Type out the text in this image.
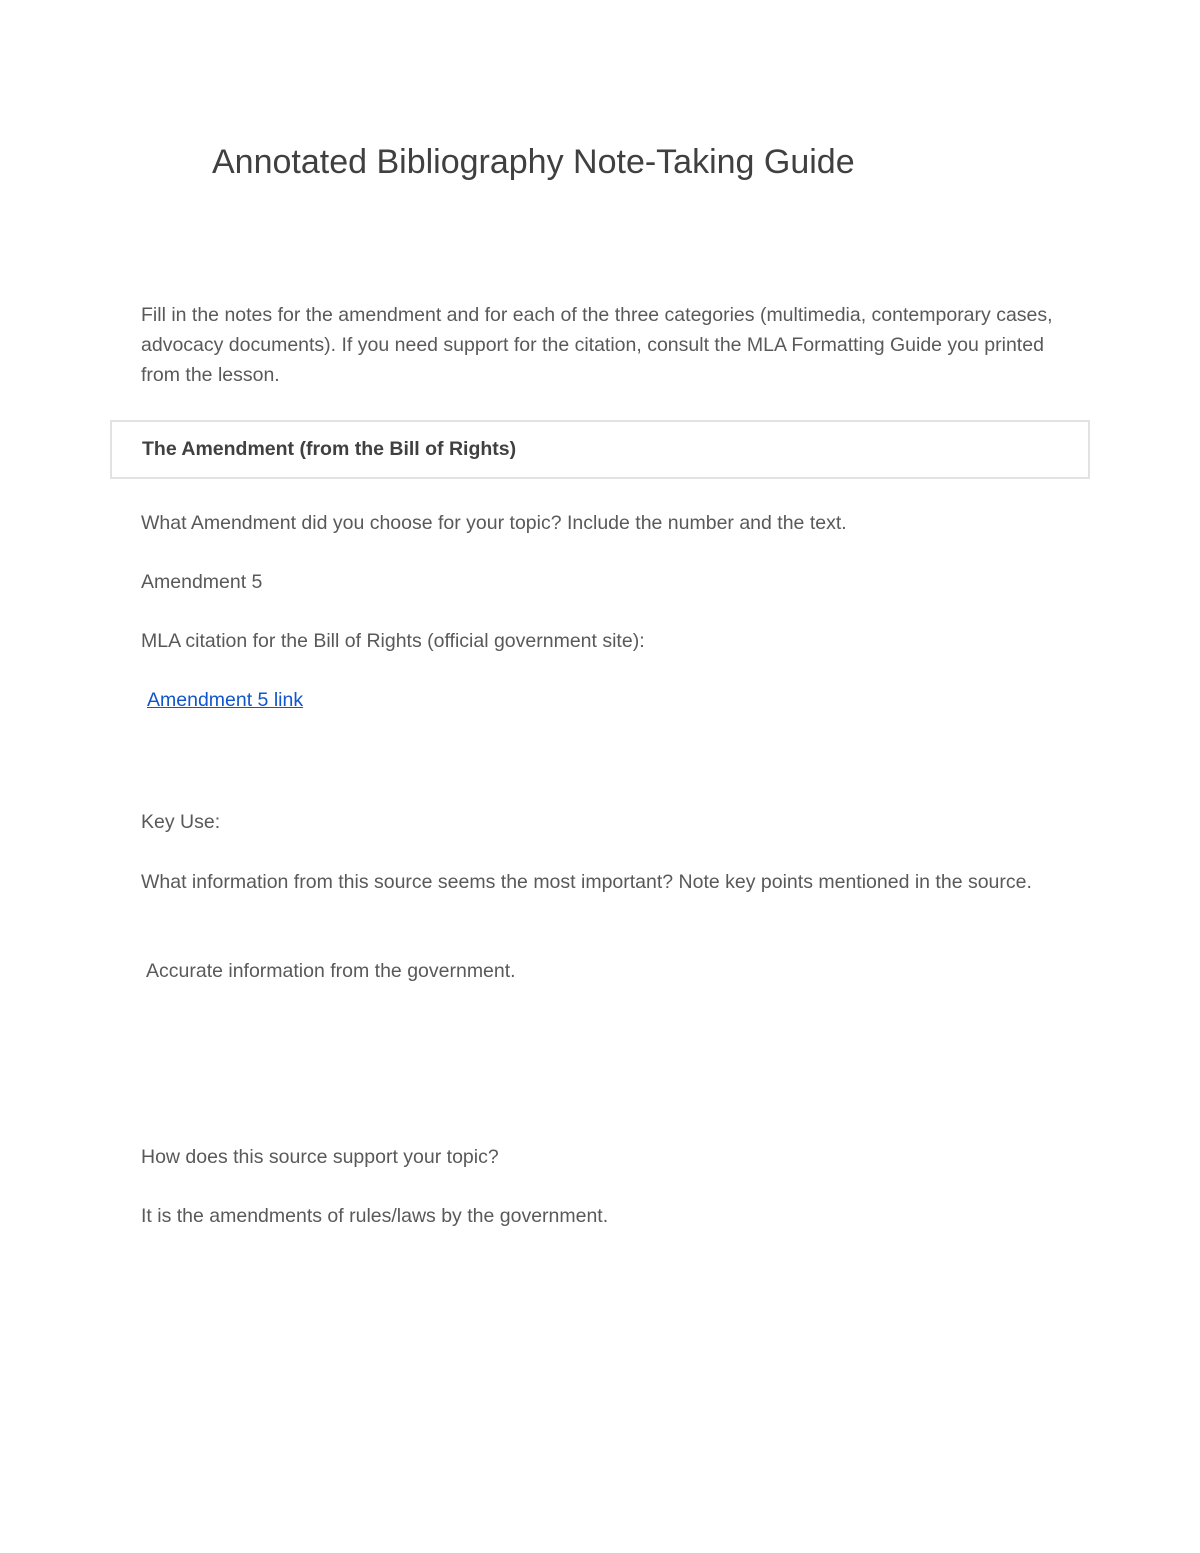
Annotated Bibliography Note-Taking Guide

Fill in the notes for the amendment and for each of the three categories (multimedia, contemporary cases, advocacy documents). If you need support for the citation, consult the MLA Formatting Guide you printed from the lesson.

The Amendment (from the Bill of Rights)

What Amendment did you choose for your topic? Include the number and the text.

Amendment 5

MLA citation for the Bill of Rights (official government site):

Amendment 5 link

Key Use:

What information from this source seems the most important? Note key points mentioned in the source.

Accurate information from the government.

How does this source support your topic?

It is the amendments of rules/laws by the government.
